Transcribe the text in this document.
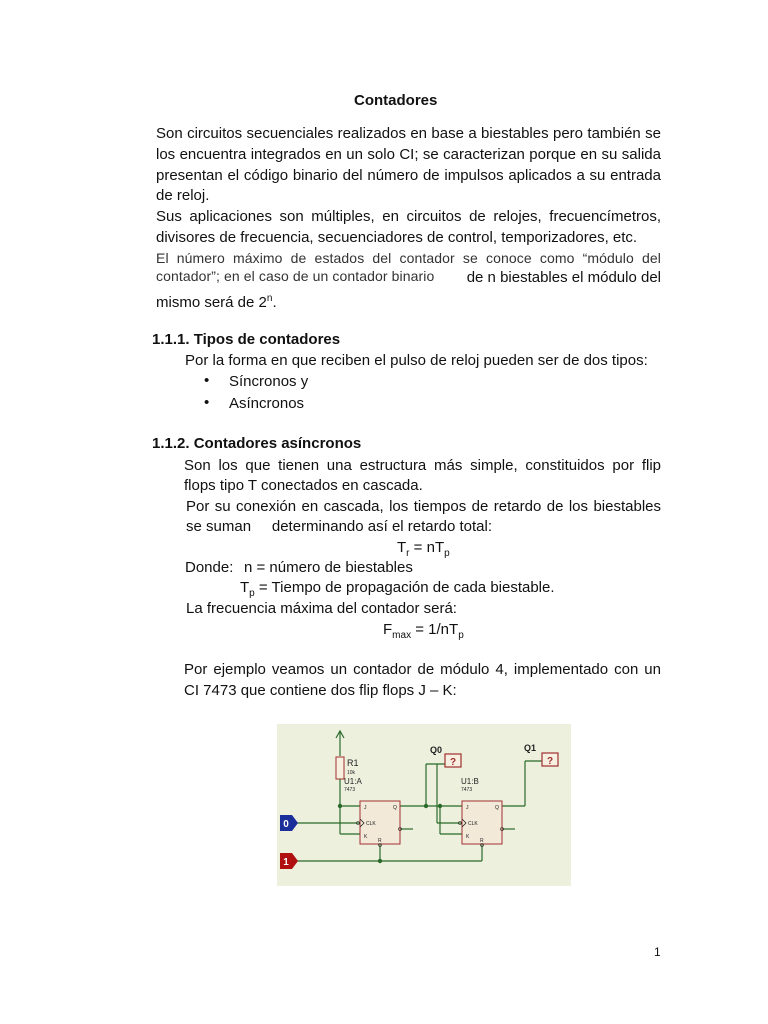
Contadores
Son circuitos secuenciales realizados en base a biestables pero también se
los encuentra integrados en un solo CI; se caracterizan porque en su salida
presentan el código binario del número de impulsos aplicados a su entrada
de reloj.
Sus aplicaciones son múltiples, en circuitos de relojes, frecuencímetros,
divisores de frecuencia, secuenciadores de control, temporizadores, etc.
El número máximo de estados del contador se conoce como “módulo del
contador”; en el caso de un contador binario de n biestables el módulo del
mismo será de 2$^n$.
1.1.1. Tipos de contadores
Por la forma en que reciben el pulso de reloj pueden ser de dos tipos:
• Síncronos y
• Asíncronos
1.1.2. Contadores asíncronos
Son los que tienen una estructura más simple, constituidos por flip
flops tipo T conectados en cascada.
Por su conexión en cascada, los tiempos de retardo de los biestables
se suman     determinando así el retardo total:
$T_r = nT_p$
Donde: n = número de biestables
$T_p$ = Tiempo de propagación de cada biestable.
La frecuencia máxima del contador será:
$F_{max} = 1/nT_p$
Por ejemplo veamos un contador de módulo 4, implementado con un
CI 7473 que contiene dos flip flops J – K:
R1
10k
Q0
?
Q1
?
U1:A
7473
J
CLK
K
Q
R
U1:B
7473
J
CLK
K
Q
R
0
1
1
